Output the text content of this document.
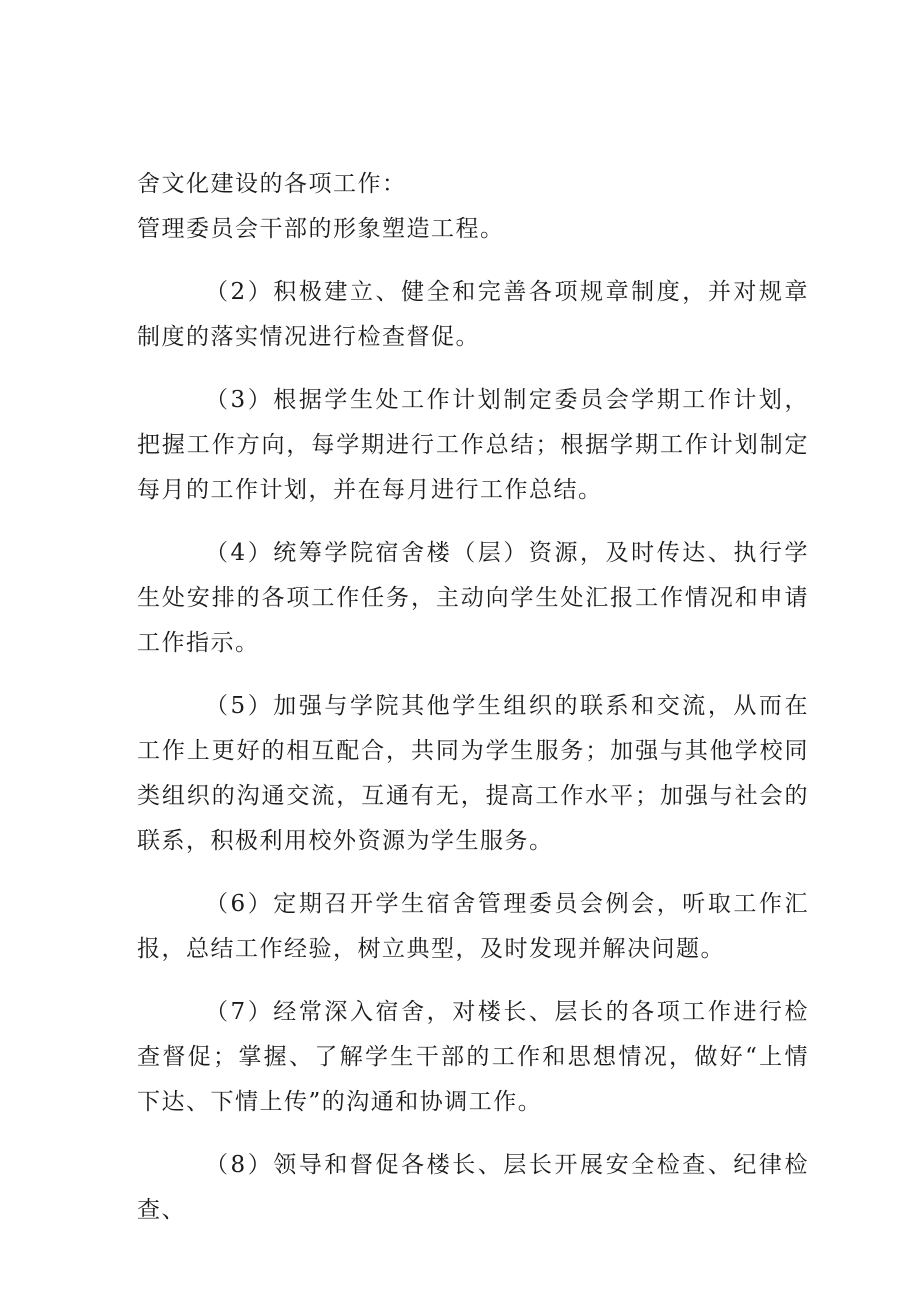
舍文化建设的各项工作：

管理委员会干部的形象塑造工程。

（2）积极建立、健全和完善各项规章制度，并对规章制度的落实情况进行检查督促。

（3）根据学生处工作计划制定委员会学期工作计划，把握工作方向，每学期进行工作总结；根据学期工作计划制定每月的工作计划，并在每月进行工作总结。

（4）统筹学院宿舍楼（层）资源，及时传达、执行学生处安排的各项工作任务，主动向学生处汇报工作情况和申请工作指示。

（5）加强与学院其他学生组织的联系和交流，从而在工作上更好的相互配合，共同为学生服务；加强与其他学校同类组织的沟通交流，互通有无，提高工作水平；加强与社会的联系，积极利用校外资源为学生服务。

（6）定期召开学生宿舍管理委员会例会，听取工作汇报，总结工作经验，树立典型，及时发现并解决问题。

（7）经常深入宿舍，对楼长、层长的各项工作进行检查督促；掌握、了解学生干部的工作和思想情况，做好“上情下达、下情上传”的沟通和协调工作。

（8）领导和督促各楼长、层长开展安全检查、纪律检查、
